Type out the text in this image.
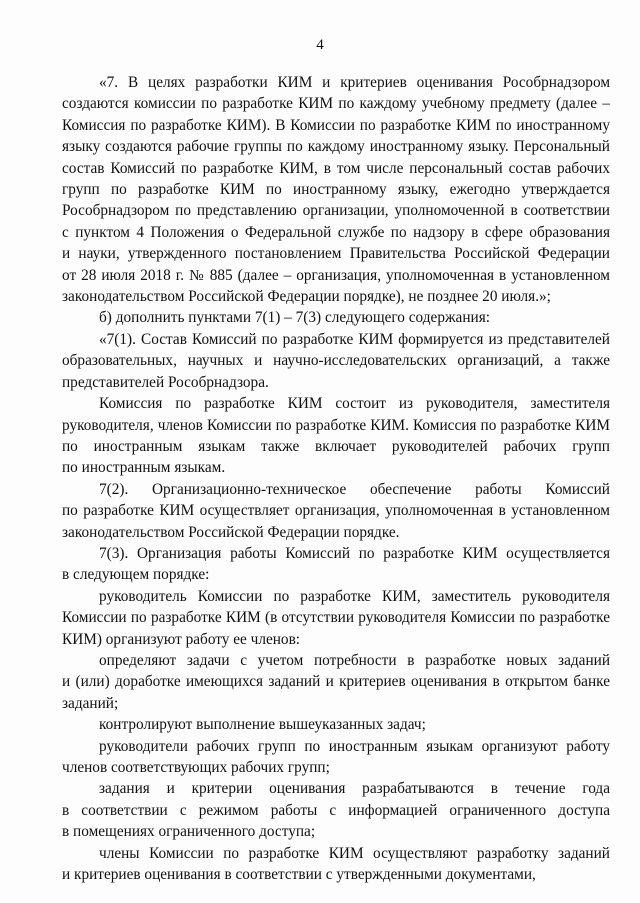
4
«7. В целях разработки КИМ и критериев оценивания Рособрнадзором
создаются комиссии по разработке КИМ по каждому учебному предмету (далее –
Комиссия по разработке КИМ). В Комиссии по разработке КИМ по иностранному
языку создаются рабочие группы по каждому иностранному языку. Персональный
состав Комиссий по разработке КИМ, в том числе персональный состав рабочих
групп по разработке КИМ по иностранному языку, ежегодно утверждается
Рособрнадзором по представлению организации, уполномоченной в соответствии
с пунктом 4 Положения о Федеральной службе по надзору в сфере образования
и науки, утвержденного постановлением Правительства Российской Федерации
от 28 июля 2018 г. № 885 (далее – организация, уполномоченная в установленном
законодательством Российской Федерации порядке), не позднее 20 июля.»;
б) дополнить пунктами 7(1) – 7(3) следующего содержания:
«7(1). Состав Комиссий по разработке КИМ формируется из представителей
образовательных, научных и научно-исследовательских организаций, а также
представителей Рособрнадзора.
Комиссия по разработке КИМ состоит из руководителя, заместителя
руководителя, членов Комиссии по разработке КИМ. Комиссия по разработке КИМ
по иностранным языкам также включает руководителей рабочих групп
по иностранным языкам.
7(2). Организационно-техническое обеспечение работы Комиссий
по разработке КИМ осуществляет организация, уполномоченная в установленном
законодательством Российской Федерации порядке.
7(3). Организация работы Комиссий по разработке КИМ осуществляется
в следующем порядке:
руководитель Комиссии по разработке КИМ, заместитель руководителя
Комиссии по разработке КИМ (в отсутствии руководителя Комиссии по разработке
КИМ) организуют работу ее членов:
определяют задачи с учетом потребности в разработке новых заданий
и (или) доработке имеющихся заданий и критериев оценивания в открытом банке
заданий;
контролируют выполнение вышеуказанных задач;
руководители рабочих групп по иностранным языкам организуют работу
членов соответствующих рабочих групп;
задания и критерии оценивания разрабатываются в течение года
в соответствии с режимом работы с информацией ограниченного доступа
в помещениях ограниченного доступа;
члены Комиссии по разработке КИМ осуществляют разработку заданий
и критериев оценивания в соответствии с утвержденными документами,
